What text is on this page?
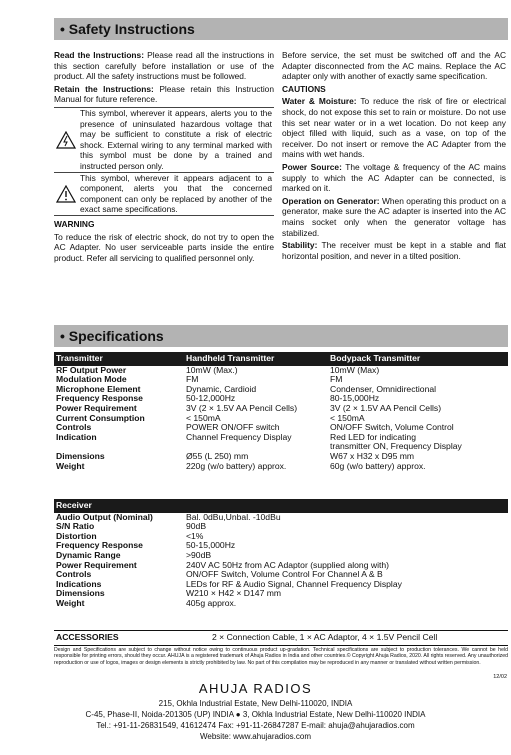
• Safety Instructions

Read the Instructions: Please read all the instructions in this section carefully before installation or use of the product. All the safety instructions must be followed.

Retain the Instructions: Please retain this Instruction Manual for future reference.

This symbol, wherever it appears, alerts you to the presence of uninsulated hazardous voltage that may be sufficient to constitute a risk of electric shock. External wiring to any terminal marked with this symbol must be done by a trained and instructed person only.
This symbol, wherever it appears adjacent to a component, alerts you that the concerned component can only be replaced by another of the exact same specifications.

WARNING

To reduce the risk of electric shock, do not try to open the AC Adapter. No user serviceable parts inside the entire product. Refer all servicing to qualified personnel only.

Before service, the set must be switched off and the AC Adapter disconnected from the AC mains. Replace the AC adapter only with another of exactly same specification.

CAUTIONS

Water & Moisture: To reduce the risk of fire or electrical shock, do not expose this set to rain or moisture. Do not use this set near water or in a wet location. Do not keep any object filled with liquid, such as a vase, on top of the receiver. Do not insert or remove the AC Adapter from the mains with wet hands.

Power Source: The voltage & frequency of the AC mains supply to which the AC Adapter can be connected, is marked on it.

Operation on Generator: When operating this product on a generator, make sure the AC adapter is inserted into the AC mains socket only when the generator voltage has stabilized.

Stability: The receiver must be kept in a stable and flat horizontal position, and never in a tilted position.

• Specifications
Transmitter	Handheld Transmitter	Bodypack Transmitter
RF Output Power	10mW (Max.)	10mW (Max)
Modulation Mode	FM	FM
Microphone Element	Dynamic, Cardioid	Condenser, Omnidirectional
Frequency Response	50-12,000Hz	80-15,000Hz
Power Requirement	3V (2 × 1.5V AA Pencil Cells)	3V (2 × 1.5V AA Pencil Cells)
Current Consumption	< 150mA	< 150mA
Controls	POWER ON/OFF switch	ON/OFF Switch, Volume Control
Indication	Channel Frequency Display	Red LED for indicating
		transmitter ON, Frequency Display
Dimensions	Ø55 (L 250) mm	W67 x H32 x D95 mm
Weight	220g (w/o battery) approx.	60g (w/o battery) approx.
Receiver	
Audio Output (Nominal)	Bal. 0dBu,Unbal. -10dBu
S/N Ratio	90dB
Distortion	<1%
Frequency Response	50-15,000Hz
Dynamic Range	>90dB
Power Requirement	240V AC 50Hz from AC Adaptor (supplied along with)
Controls	ON/OFF Switch, Volume Control For Channel A & B
Indications	LEDs for RF & Audio Signal, Channel Frequency Display
Dimensions	W210 × H42 × D147 mm
Weight	405g approx.
ACCESSORIES	2 × Connection Cable, 1 × AC Adaptor, 4 × 1.5V Pencil Cell
Design and Specifications are subject to change without notice owing to continuous product up-gradation. Technical specifications are subject to production tolerances. We cannot be held responsible for printing errors, should they occur. AHUJA is a registered trademark of Ahuja Radios in India and other countries.© Copyright Ahuja Radios, 2020. All rights reserved. Any unauthorized reproduction or use of logos, images or design elements is strictly prohibited by law. No part of this compilation may be reproduced in any manner or translated without written permission.
12/02
AHUJA RADIOS
215, Okhla Industrial Estate, New Delhi-110020, INDIA
C-45, Phase-II, Noida-201305 (UP) INDIA ● 3, Okhla Industrial Estate, New Delhi-110020 INDIA
Tel.: +91-11-26831549, 41612474 Fax: +91-11-26847287 E-mail: ahuja@ahujaradios.com
Website: www.ahujaradios.com
